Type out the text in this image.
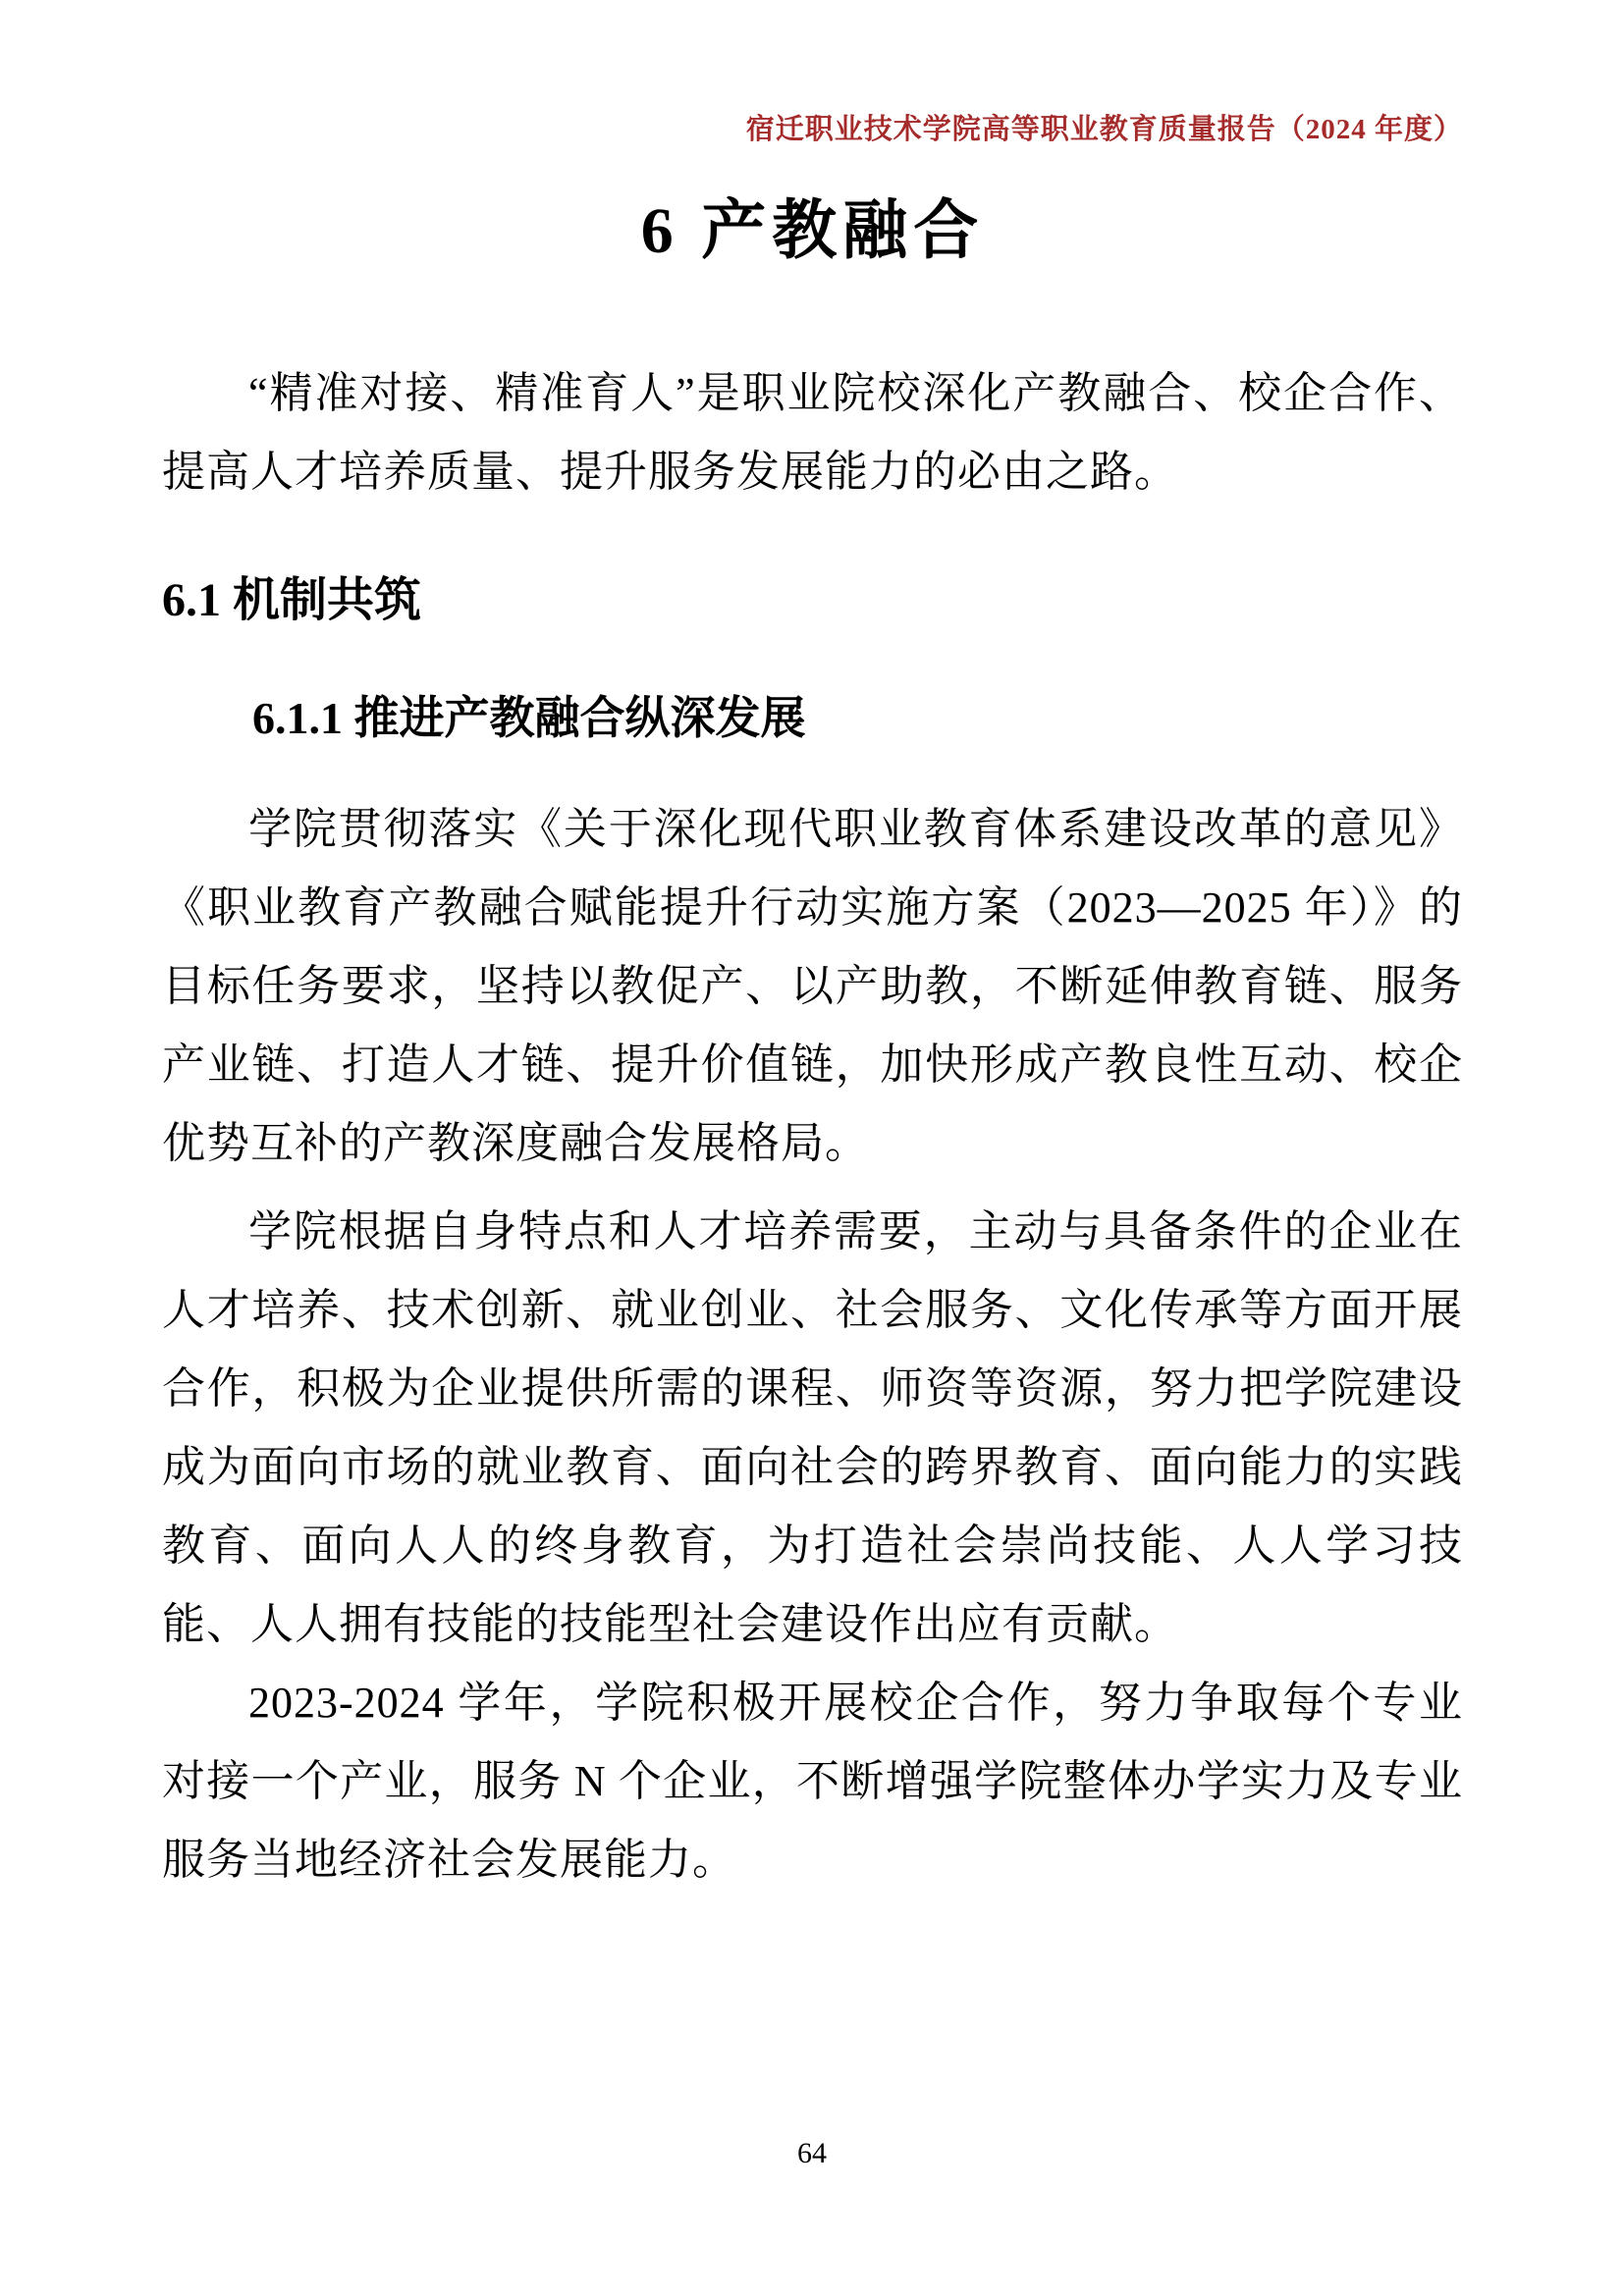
宿迁职业技术学院高等职业教育质量报告（2024 年度）
6 产教融合

“精准对接、精准育人”是职业院校深化产教融合、校企合作、提高人才培养质量、提升服务发展能力的必由之路。

6.1 机制共筑
6.1.1 推进产教融合纵深发展

学院贯彻落实《关于深化现代职业教育体系建设改革的意见》《职业教育产教融合赋能提升行动实施方案（2023—2025 年）》的目标任务要求，坚持以教促产、以产助教，不断延伸教育链、服务产业链、打造人才链、提升价值链，加快形成产教良性互动、校企优势互补的产教深度融合发展格局。

学院根据自身特点和人才培养需要，主动与具备条件的企业在人才培养、技术创新、就业创业、社会服务、文化传承等方面开展合作，积极为企业提供所需的课程、师资等资源，努力把学院建设成为面向市场的就业教育、面向社会的跨界教育、面向能力的实践教育、面向人人的终身教育，为打造社会崇尚技能、人人学习技能、人人拥有技能的技能型社会建设作出应有贡献。

2023-2024 学年，学院积极开展校企合作，努力争取每个专业对接一个产业，服务 N 个企业，不断增强学院整体办学实力及专业服务当地经济社会发展能力。

64
